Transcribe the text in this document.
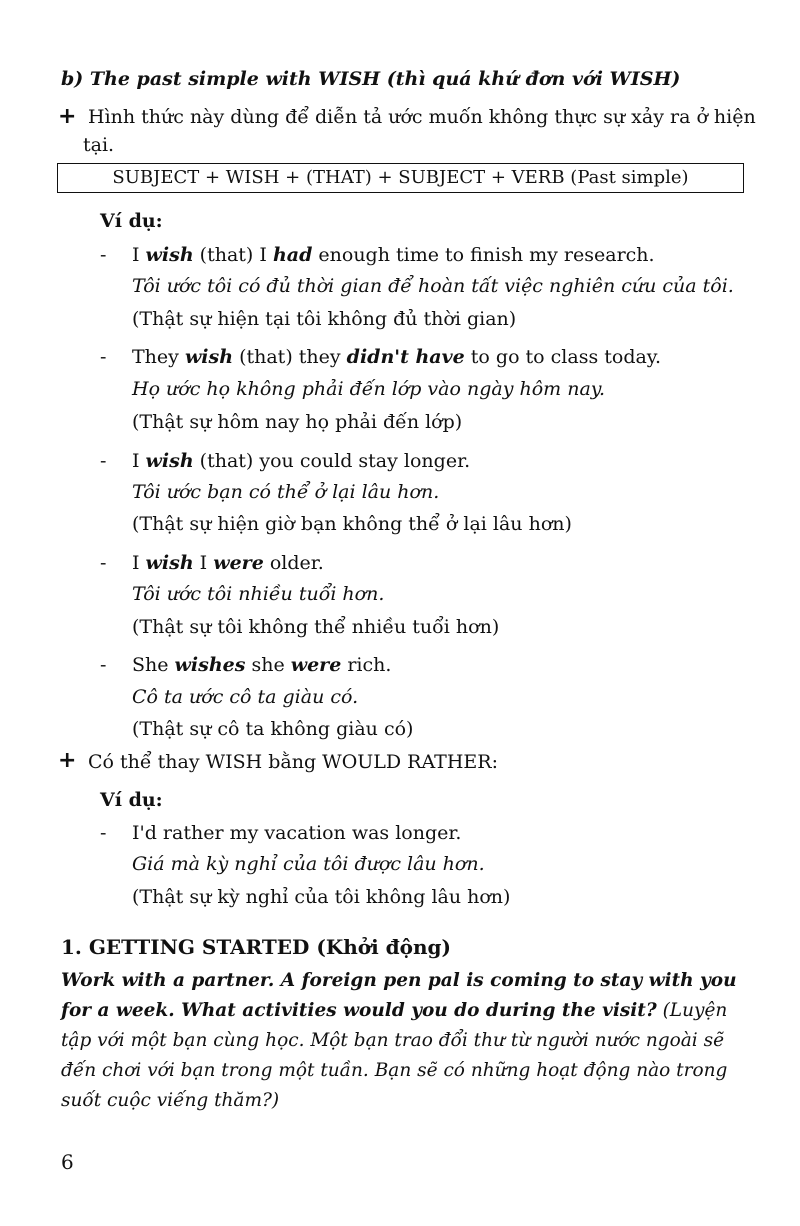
b) The past simple with WISH (thì quá khứ đơn với WISH)
+ Hình thức này dùng để diễn tả ước muốn không thực sự xảy ra ở hiện
tại.
SUBJECT + WISH + (THAT) + SUBJECT + VERB (Past simple)
Ví dụ:
- I wish (that) I had enough time to finish my research.
Tôi ước tôi có đủ thời gian để hoàn tất việc nghiên cứu của tôi.
(Thật sự hiện tại tôi không đủ thời gian)
- They wish (that) they didn't have to go to class today.
Họ ước họ không phải đến lớp vào ngày hôm nay.
(Thật sự hôm nay họ phải đến lớp)
- I wish (that) you could stay longer.
Tôi ước bạn có thể ở lại lâu hơn.
(Thật sự hiện giờ bạn không thể ở lại lâu hơn)
- I wish I were older.
Tôi ước tôi nhiều tuổi hơn.
(Thật sự tôi không thể nhiều tuổi hơn)
- She wishes she were rich.
Cô ta ước cô ta giàu có.
(Thật sự cô ta không giàu có)
+ Có thể thay WISH bằng WOULD RATHER:
Ví dụ:
- I'd rather my vacation was longer.
Giá mà kỳ nghỉ của tôi được lâu hơn.
(Thật sự kỳ nghỉ của tôi không lâu hơn)
1. GETTING STARTED (Khởi động)
Work with a partner. A foreign pen pal is coming to stay with you for a week. What activities would you do during the visit? (Luyện tập với một bạn cùng học. Một bạn trao đổi thư từ người nước ngoài sẽ đến chơi với bạn trong một tuần. Bạn sẽ có những hoạt động nào trong suốt cuộc viếng thăm?)
6
